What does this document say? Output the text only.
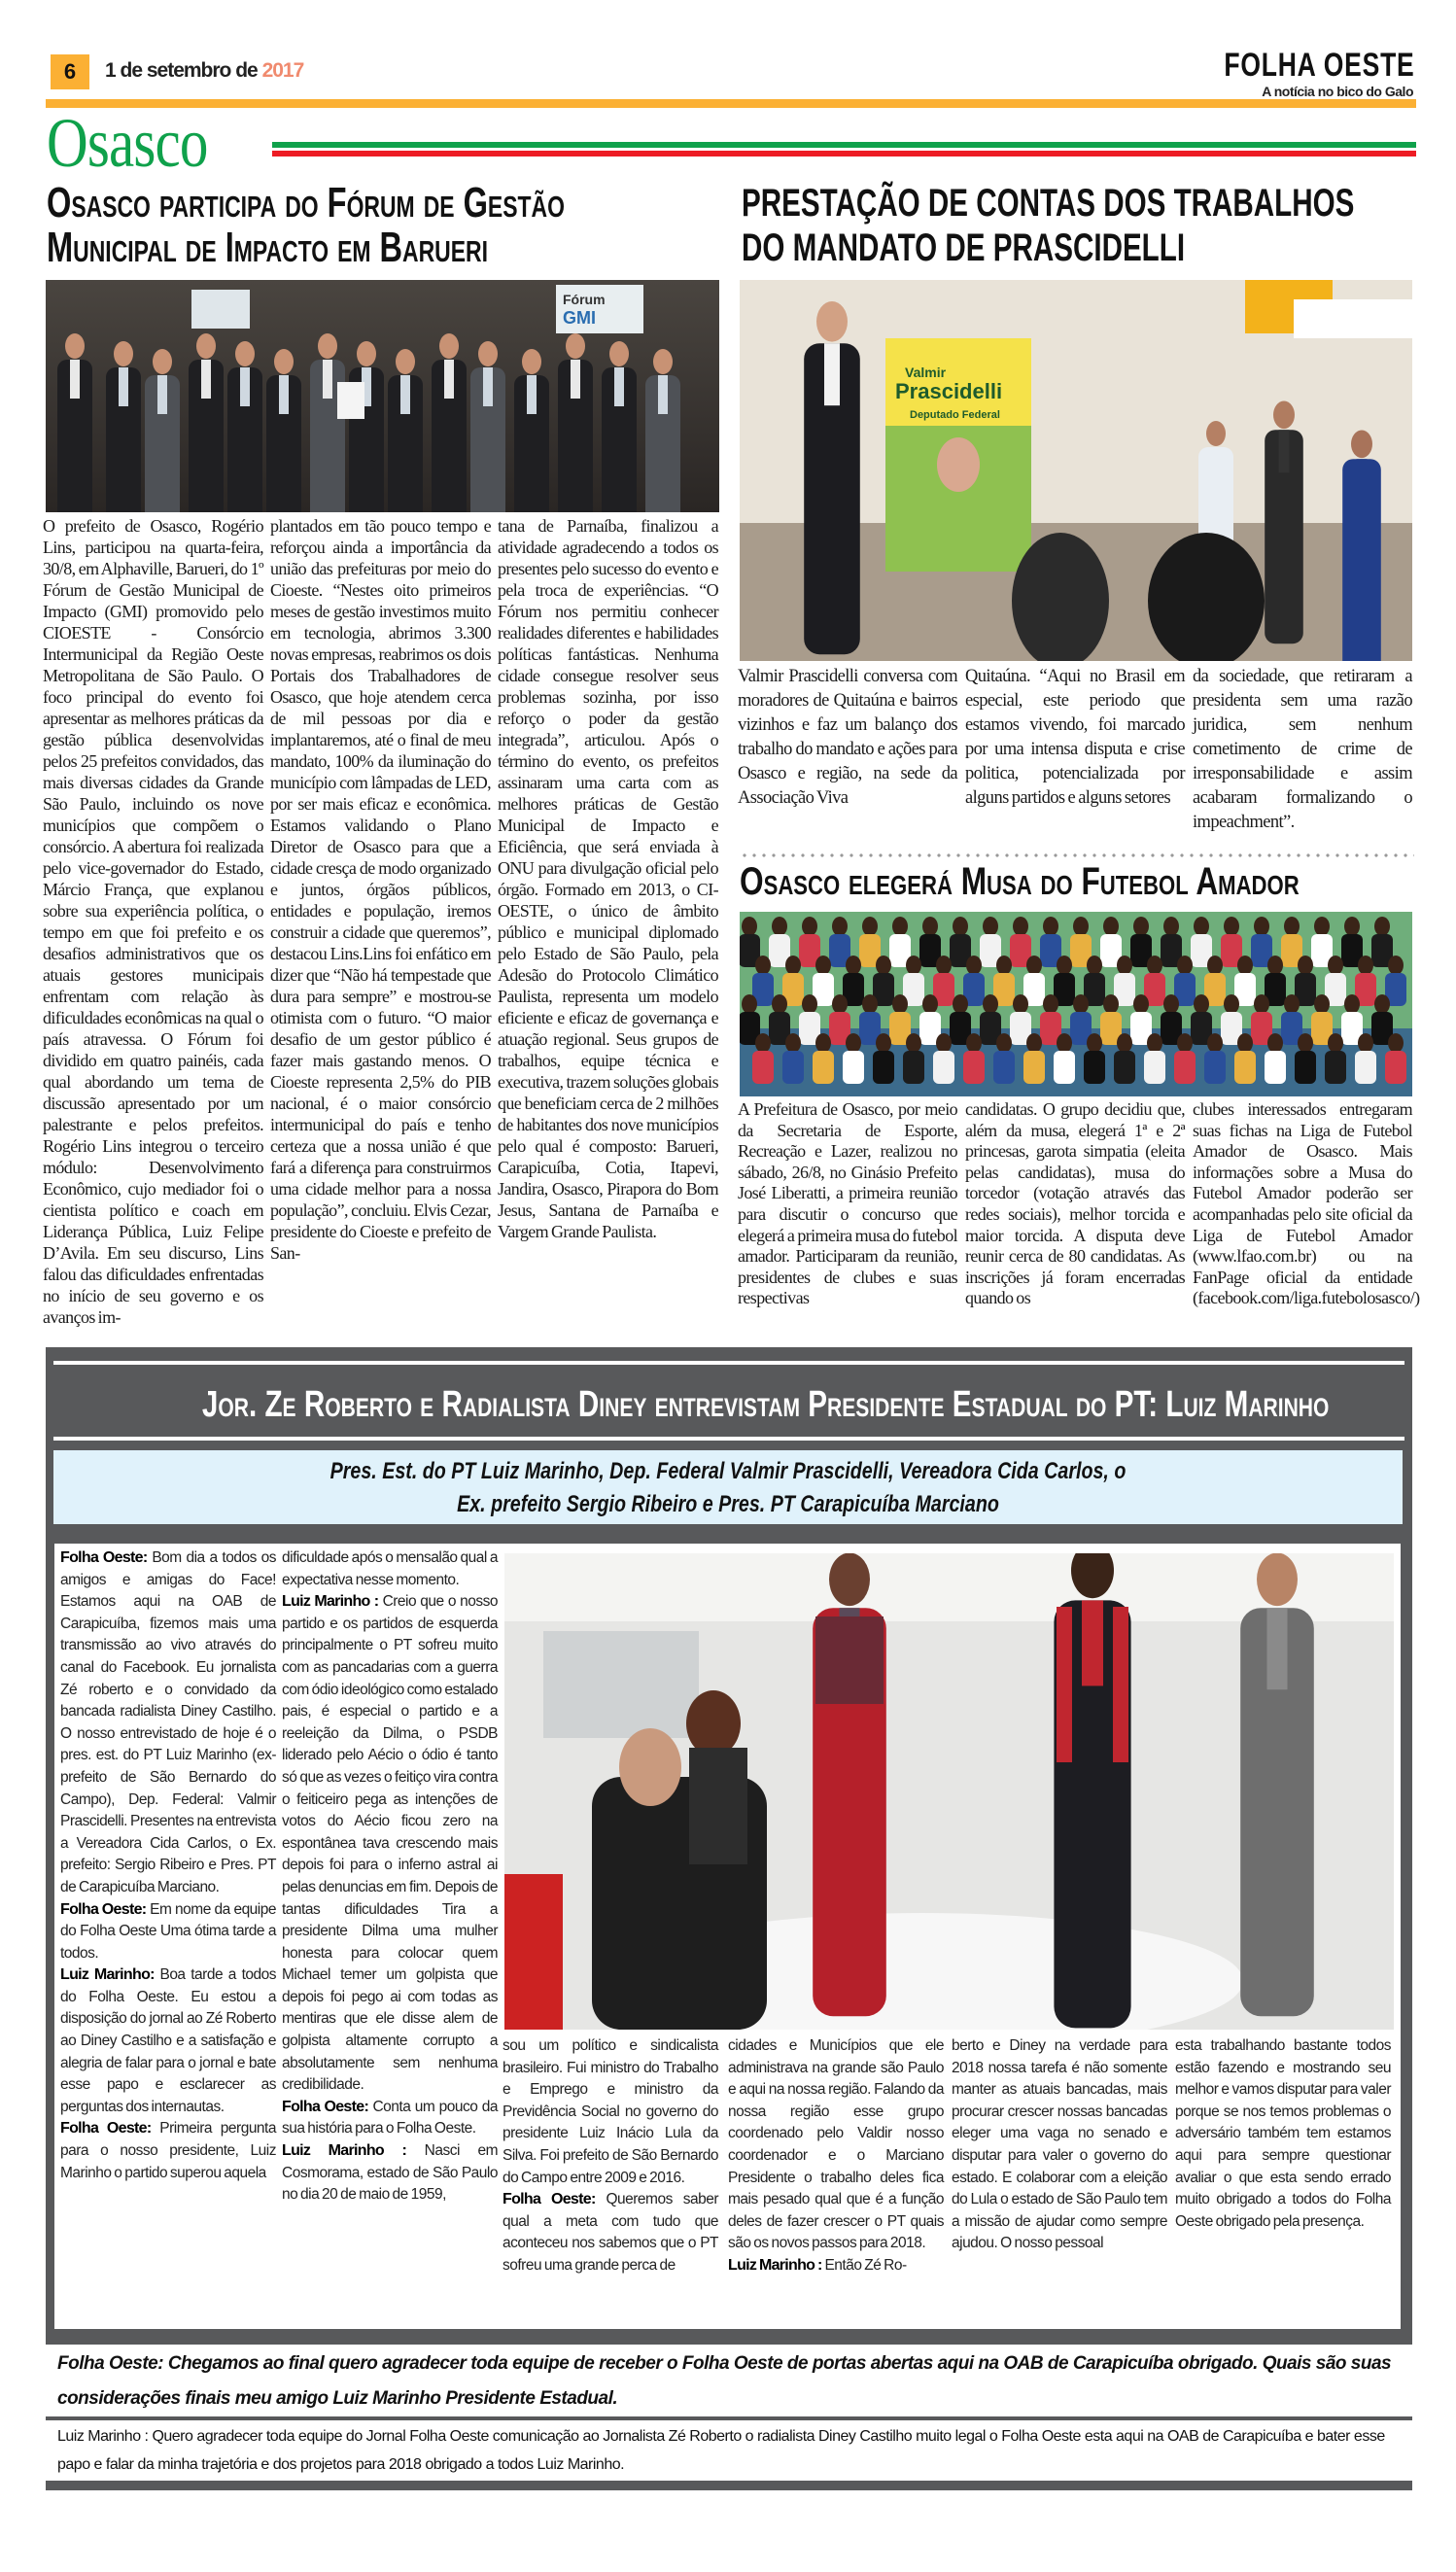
6	1 de setembro de 2017	FOLHA OESTE
A notícia no bico do Galo
Osasco
Osasco participa do Fórum de Gestão
Municipal de Impacto em Barueri
Fórum
GMI
O prefeito de Osasco, Rogério Lins, participou na quarta-feira, 30/8, em Alphaville, Barueri, do 1º Fórum de Gestão Municipal de Impacto (GMI) promovido pelo CIOESTE - Consórcio Intermunicipal da Região Oeste Metropolitana de São Paulo. O foco principal do evento foi apresentar as melhores práticas da gestão pública desenvolvidas pelos 25 prefeitos convidados, das mais diversas cidades da Grande São Paulo, incluindo os nove municípios que compõem o consórcio. A abertura foi realizada pelo vice-governador do Estado, Márcio França, que explanou sobre sua experiência política, o tempo em que foi prefeito e os desafios administrativos que os atuais gestores municipais enfrentam com relação às dificuldades econômicas na qual o país atravessa. O Fórum foi dividido em quatro painéis, cada qual abordando um tema de discussão apresentado por um palestrante e pelos prefeitos. Rogério Lins integrou o terceiro módulo: Desenvolvimento Econômico, cujo mediador foi o cientista político e coach em Liderança Pública, Luiz Felipe D’Avila. Em seu discurso, Lins falou das dificuldades enfrentadas no início de seu governo e os avanços im-
plantados em tão pouco tempo e reforçou ainda a importância da união das prefeituras por meio do Cioeste. “Nestes oito primeiros meses de gestão investimos muito em tecnologia, abrimos 3.300 novas empresas, reabrimos os dois Portais dos Trabalhadores de Osasco, que hoje atendem cerca de mil pessoas por dia e implantaremos, até o final de meu mandato, 100% da iluminação do município com lâmpadas de LED, por ser mais eficaz e econômica. Estamos validando o Plano Diretor de Osasco para que a cidade cresça de modo organizado e juntos, órgãos públicos, entidades e população, iremos construir a cidade que queremos”, destacou Lins.Lins foi enfático em dizer que “Não há tempestade que dura para sempre” e mostrou-se otimista com o futuro. “O maior desafio de um gestor público é fazer mais gastando menos. O Cioeste representa 2,5% do PIB nacional, é o maior consórcio intermunicipal do país e tenho certeza que a nossa união é que fará a diferença para construirmos uma cidade melhor para a nossa população”, concluiu. Elvis Cezar, presidente do Cioeste e prefeito de San-
tana de Parnaíba, finalizou a atividade agradecendo a todos os presentes pelo sucesso do evento e pela troca de experiências. “O Fórum nos permitiu conhecer realidades diferentes e habilidades políticas fantásticas. Nenhuma cidade consegue resolver seus problemas sozinha, por isso reforço o poder da gestão integrada”, articulou. Após o término do evento, os prefeitos assinaram uma carta com as melhores práticas de Gestão Municipal de Impacto e Eficiência, que será enviada à ONU para divulgação oficial pelo órgão. Formado em 2013, o CI-OESTE, o único de âmbito público e municipal diplomado pelo Estado de São Paulo, pela Adesão do Protocolo Climático Paulista, representa um modelo eficiente e eficaz de governança e atuação regional. Seus grupos de trabalhos, equipe técnica e executiva, trazem soluções globais que beneficiam cerca de 2 milhões de habitantes dos nove municípios pelo qual é composto: Barueri, Carapicuíba, Cotia, Itapevi, Jandira, Osasco, Pirapora do Bom Jesus, Santana de Parnaíba e Vargem Grande Paulista.
PRESTAÇÃO DE CONTAS DOS TRABALHOS
DO MANDATO DE PRASCIDELLI
Valmir
Prascidelli
Deputado Federal
Valmir Prascidelli conversa com moradores de Quitaúna e bairros vizinhos e faz um balanço dos trabalho do mandato e ações para Osasco e região, na sede da Associação Viva
Quitaúna. “Aqui no Brasil em especial, este periodo que estamos vivendo, foi marcado por uma intensa disputa e crise politica, potencializada por alguns partidos e alguns setores
da sociedade, que retiraram a presidenta sem uma razão juridica, sem nenhum cometimento de crime de irresponsabilidade e assim acabaram formalizando o impeachment”.
Osasco elegerá Musa do Futebol Amador
A Prefeitura de Osasco, por meio da Secretaria de Esporte, Recreação e Lazer, realizou no sábado, 26/8, no Ginásio Prefeito José Liberatti, a primeira reunião para discutir o concurso que elegerá a primeira musa do futebol amador. Participaram da reunião, presidentes de clubes e suas respectivas
candidatas. O grupo decidiu que, além da musa, elegerá 1ª e 2ª princesas, garota simpatia (eleita pelas candidatas), musa do torcedor (votação através das redes sociais), melhor torcida e maior torcida. A disputa deve reunir cerca de 80 candidatas. As inscrições já foram encerradas quando os
clubes interessados entregaram suas fichas na Liga de Futebol Amador de Osasco. Mais informações sobre a Musa do Futebol Amador poderão ser acompanhadas pelo site oficial da Liga de Futebol Amador (www.lfao.com.br) ou na FanPage oficial da entidade (facebook.com/liga.futebolosasco/)
Jor. Ze Roberto e Radialista Diney entrevistam Presidente Estadual do PT: Luiz Marinho
Pres. Est. do PT Luiz Marinho, Dep. Federal Valmir Prascidelli, Vereadora Cida Carlos, o
Ex. prefeito Sergio Ribeiro e Pres. PT Carapicuíba Marciano
Folha Oeste: Bom dia a todos os amigos e amigas do Face! Estamos aqui na OAB de Carapicuíba, fizemos mais uma transmissão ao vivo através do canal do Facebook. Eu jornalista Zé roberto e o convidado da bancada radialista Diney Castilho. O nosso entrevistado de hoje é o pres. est. do PT Luiz Marinho (ex-prefeito de São Bernardo do Campo), Dep. Federal: Valmir Prascidelli. Presentes na entrevista a Vereadora Cida Carlos, o Ex. prefeito: Sergio Ribeiro e Pres. PT de Carapicuíba Marciano.
Folha Oeste: Em nome da equipe do Folha Oeste Uma ótima tarde a todos.
Luiz Marinho: Boa tarde a todos do Folha Oeste. Eu estou a disposição do jornal ao Zé Roberto ao Diney Castilho e a satisfação e alegria de falar para o jornal e bate esse papo e esclarecer as perguntas dos internautas.
Folha Oeste: Primeira pergunta para o nosso presidente, Luiz Marinho o partido superou aquela
dificuldade após o mensalão qual a expectativa nesse momento.
Luiz Marinho : Creio que o nosso partido e os partidos de esquerda principalmente o PT sofreu muito com as pancadarias com a guerra com ódio ideológico como estalado pais, é especial o partido e a reeleição da Dilma, o PSDB liderado pelo Aécio o ódio é tanto só que as vezes o feitiço vira contra o feiticeiro pega as intenções de votos do Aécio ficou zero na espontânea tava crescendo mais depois foi para o inferno astral ai pelas denuncias em fim. Depois de tantas dificuldades Tira a presidente Dilma uma mulher honesta para colocar quem Michael temer um golpista que depois foi pego ai com todas as mentiras que ele disse alem de golpista altamente corrupto a absolutamente sem nenhuma credibilidade.
Folha Oeste: Conta um pouco da sua história para o Folha Oeste.
Luiz Marinho : Nasci em Cosmorama, estado de São Paulo no dia 20 de maio de 1959,
sou um político e sindicalista brasileiro. Fui ministro do Trabalho e Emprego e ministro da Previdência Social no governo do presidente Luiz Inácio Lula da Silva. Foi prefeito de São Bernardo do Campo entre 2009 e 2016.
Folha Oeste: Queremos saber qual a meta com tudo que aconteceu nos sabemos que o PT sofreu uma grande perca de
cidades e Municípios que ele administrava na grande são Paulo e aqui na nossa região. Falando da nossa região esse grupo coordenado pelo Valdir nosso coordenador e o Marciano Presidente o trabalho deles fica mais pesado qual que é a função deles de fazer crescer o PT quais são os novos passos para 2018.
Luiz Marinho : Então Zé Ro-
berto e Diney na verdade para 2018 nossa tarefa é não somente manter as atuais bancadas, mais procurar crescer nossas bancadas eleger uma vaga no senado e disputar para valer o governo do estado. E colaborar com a eleição do Lula o estado de São Paulo tem a missão de ajudar como sempre ajudou. O nosso pessoal
esta trabalhando bastante todos estão fazendo e mostrando seu melhor e vamos disputar para valer porque se nos temos problemas o adversário também tem estamos aqui para sempre questionar avaliar o que esta sendo errado muito obrigado a todos do Folha Oeste obrigado pela presença.
Folha Oeste: Chegamos ao final quero agradecer toda equipe de receber o Folha Oeste de portas abertas aqui na OAB de Carapicuíba obrigado. Quais são suas considerações finais meu amigo Luiz Marinho Presidente Estadual.
Luiz Marinho : Quero agradecer toda equipe do Jornal Folha Oeste comunicação ao Jornalista Zé Roberto o radialista Diney Castilho muito legal o Folha Oeste esta aqui na OAB de Carapicuíba e bater esse papo e falar da minha trajetória e dos projetos para 2018 obrigado a todos Luiz Marinho.
